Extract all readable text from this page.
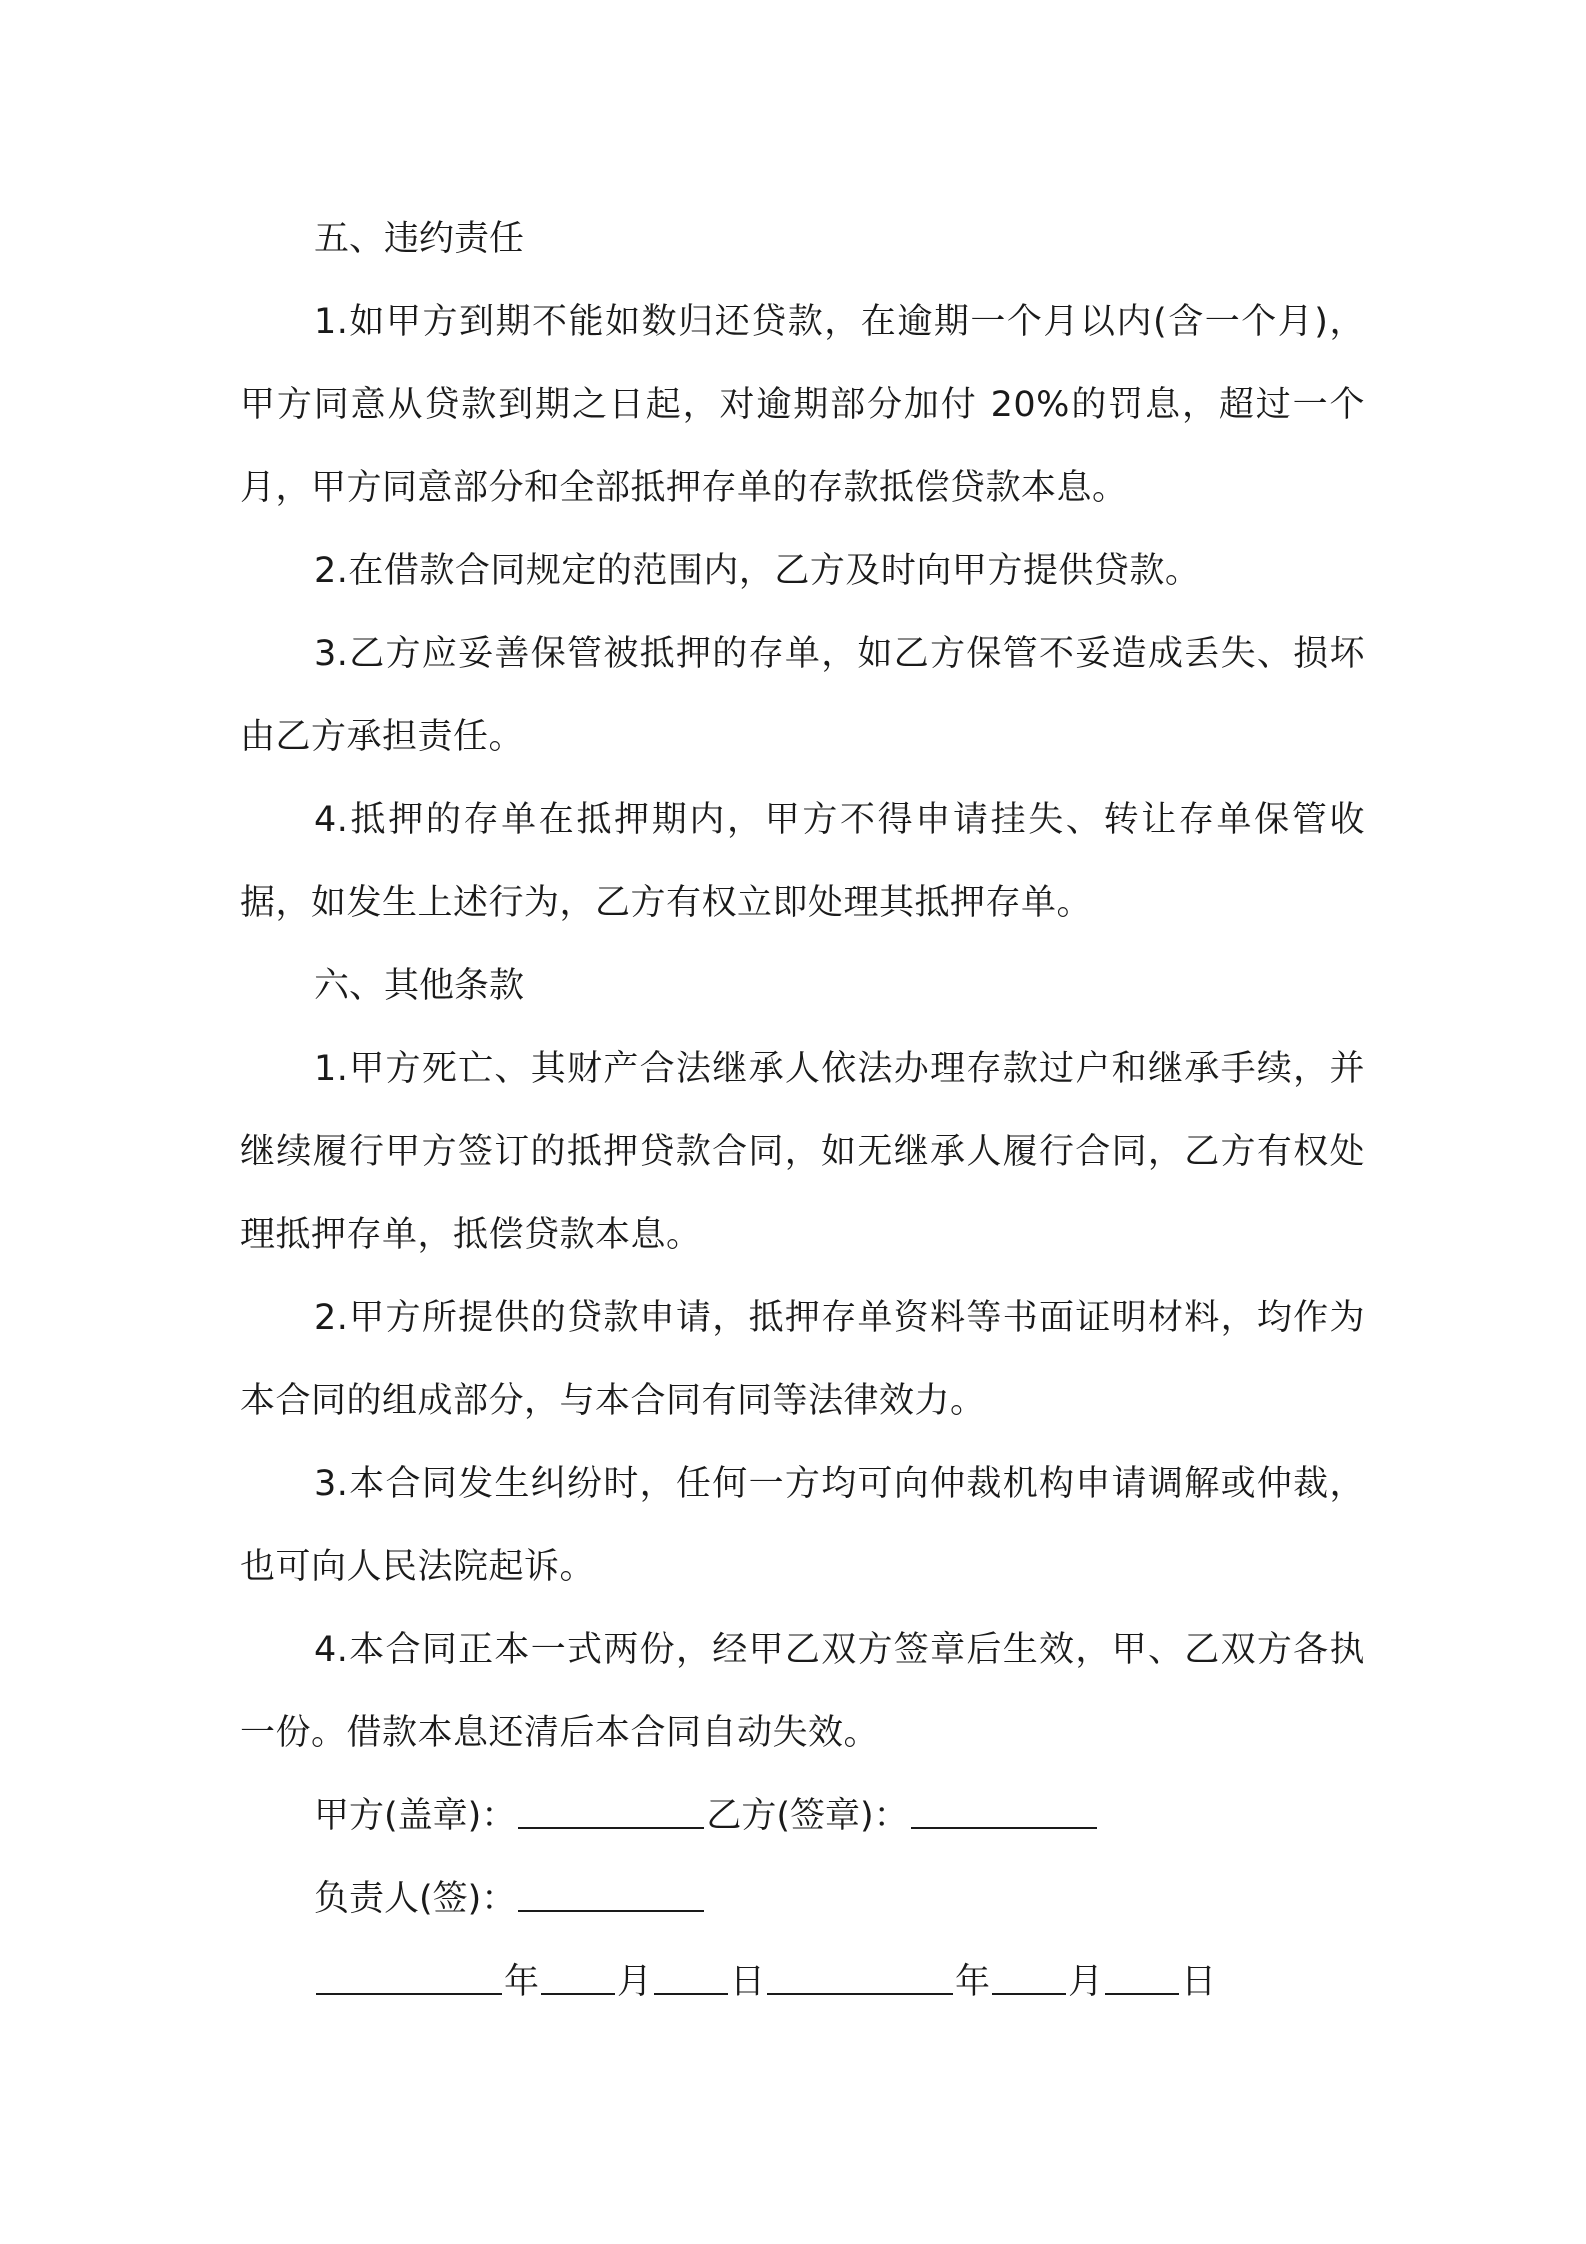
五、违约责任

1.如甲方到期不能如数归还贷款，在逾期一个月以内(含一个月)，甲方同意从贷款到期之日起，对逾期部分加付 20%的罚息，超过一个月，甲方同意部分和全部抵押存单的存款抵偿贷款本息。

2.在借款合同规定的范围内，乙方及时向甲方提供贷款。

3.乙方应妥善保管被抵押的存单，如乙方保管不妥造成丢失、损坏由乙方承担责任。

4.抵押的存单在抵押期内，甲方不得申请挂失、转让存单保管收据，如发生上述行为，乙方有权立即处理其抵押存单。

六、其他条款

1.甲方死亡、其财产合法继承人依法办理存款过户和继承手续，并继续履行甲方签订的抵押贷款合同，如无继承人履行合同，乙方有权处理抵押存单，抵偿贷款本息。

2.甲方所提供的贷款申请，抵押存单资料等书面证明材料，均作为本合同的组成部分，与本合同有同等法律效力。

3.本合同发生纠纷时，任何一方均可向仲裁机构申请调解或仲裁，也可向人民法院起诉。

4.本合同正本一式两份，经甲乙双方签章后生效，甲、乙双方各执一份。借款本息还清后本合同自动失效。

甲方(盖章)：	乙方(签章)：
负责人(签)：
年 月 日	年 月 日
